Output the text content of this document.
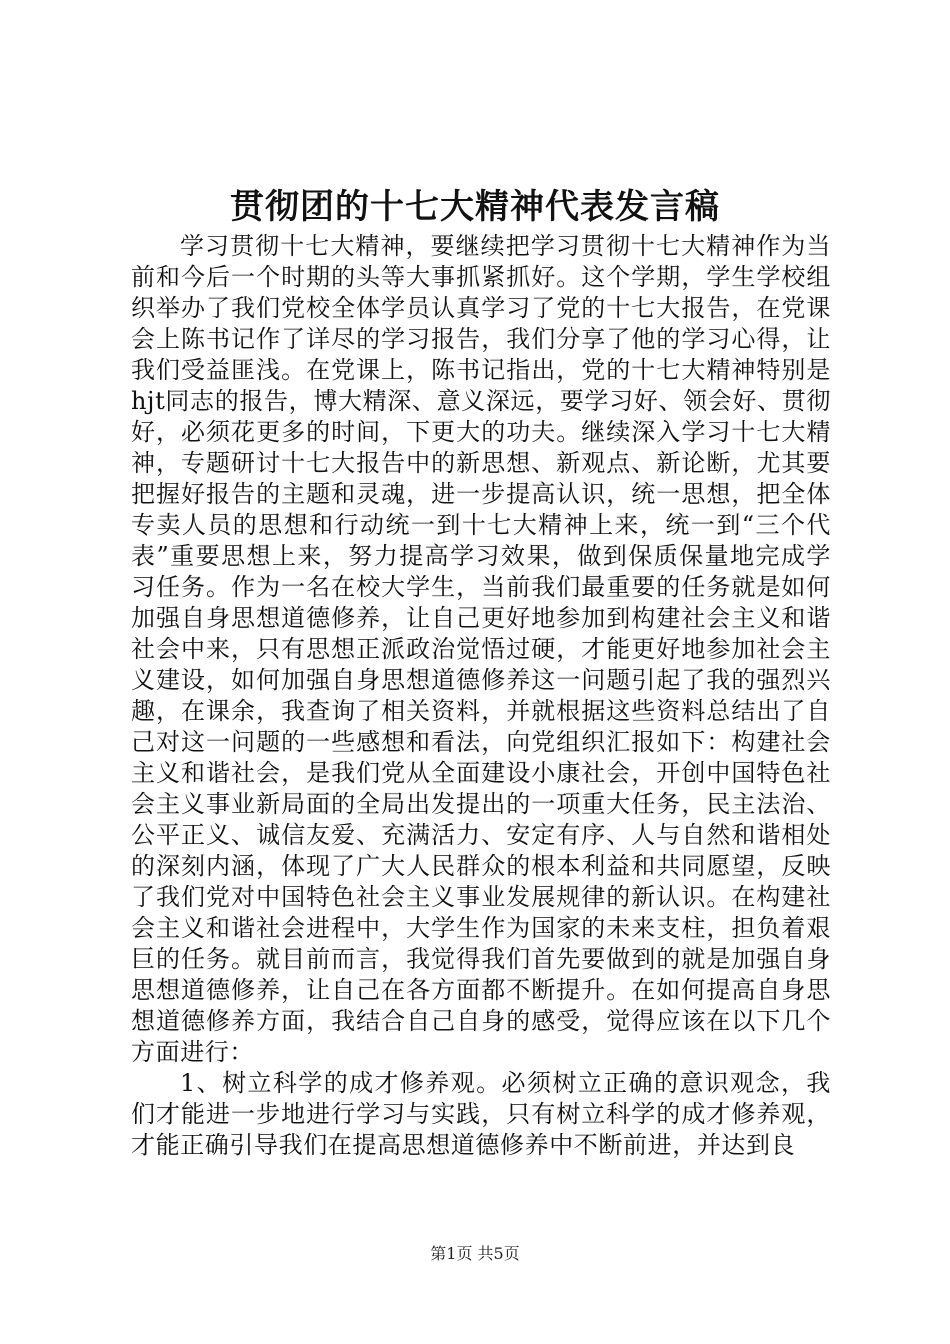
贯彻团的十七大精神代表发言稿

学习贯彻十七大精神，要继续把学习贯彻十七大精神作为当前和今后一个时期的头等大事抓紧抓好。这个学期，学生学校组织举办了我们党校全体学员认真学习了党的十七大报告，在党课会上陈书记作了详尽的学习报告，我们分享了他的学习心得，让我们受益匪浅。在党课上，陈书记指出，党的十七大精神特别是hjt同志的报告，博大精深、意义深远，要学习好、领会好、贯彻好，必须花更多的时间，下更大的功夫。继续深入学习十七大精神，专题研讨十七大报告中的新思想、新观点、新论断，尤其要把握好报告的主题和灵魂，进一步提高认识，统一思想，把全体专卖人员的思想和行动统一到十七大精神上来，统一到“三个代表”重要思想上来，努力提高学习效果，做到保质保量地完成学习任务。作为一名在校大学生，当前我们最重要的任务就是如何加强自身思想道德修养，让自己更好地参加到构建社会主义和谐社会中来，只有思想正派政治觉悟过硬，才能更好地参加社会主义建设，如何加强自身思想道德修养这一问题引起了我的强烈兴趣，在课余，我查询了相关资料，并就根据这些资料总结出了自己对这一问题的一些感想和看法，向党组织汇报如下：构建社会主义和谐社会，是我们党从全面建设小康社会，开创中国特色社会主义事业新局面的全局出发提出的一项重大任务，民主法治、公平正义、诚信友爱、充满活力、安定有序、人与自然和谐相处的深刻内涵，体现了广大人民群众的根本利益和共同愿望，反映了我们党对中国特色社会主义事业发展规律的新认识。在构建社会主义和谐社会进程中，大学生作为国家的未来支柱，担负着艰巨的任务。就目前而言，我觉得我们首先要做到的就是加强自身思想道德修养，让自己在各方面都不断提升。在如何提高自身思想道德修养方面，我结合自己自身的感受，觉得应该在以下几个方面进行：

1、树立科学的成才修养观。必须树立正确的意识观念，我们才能进一步地进行学习与实践，只有树立科学的成才修养观，才能正确引导我们在提高思想道德修养中不断前进，并达到良

第1页 共5页
